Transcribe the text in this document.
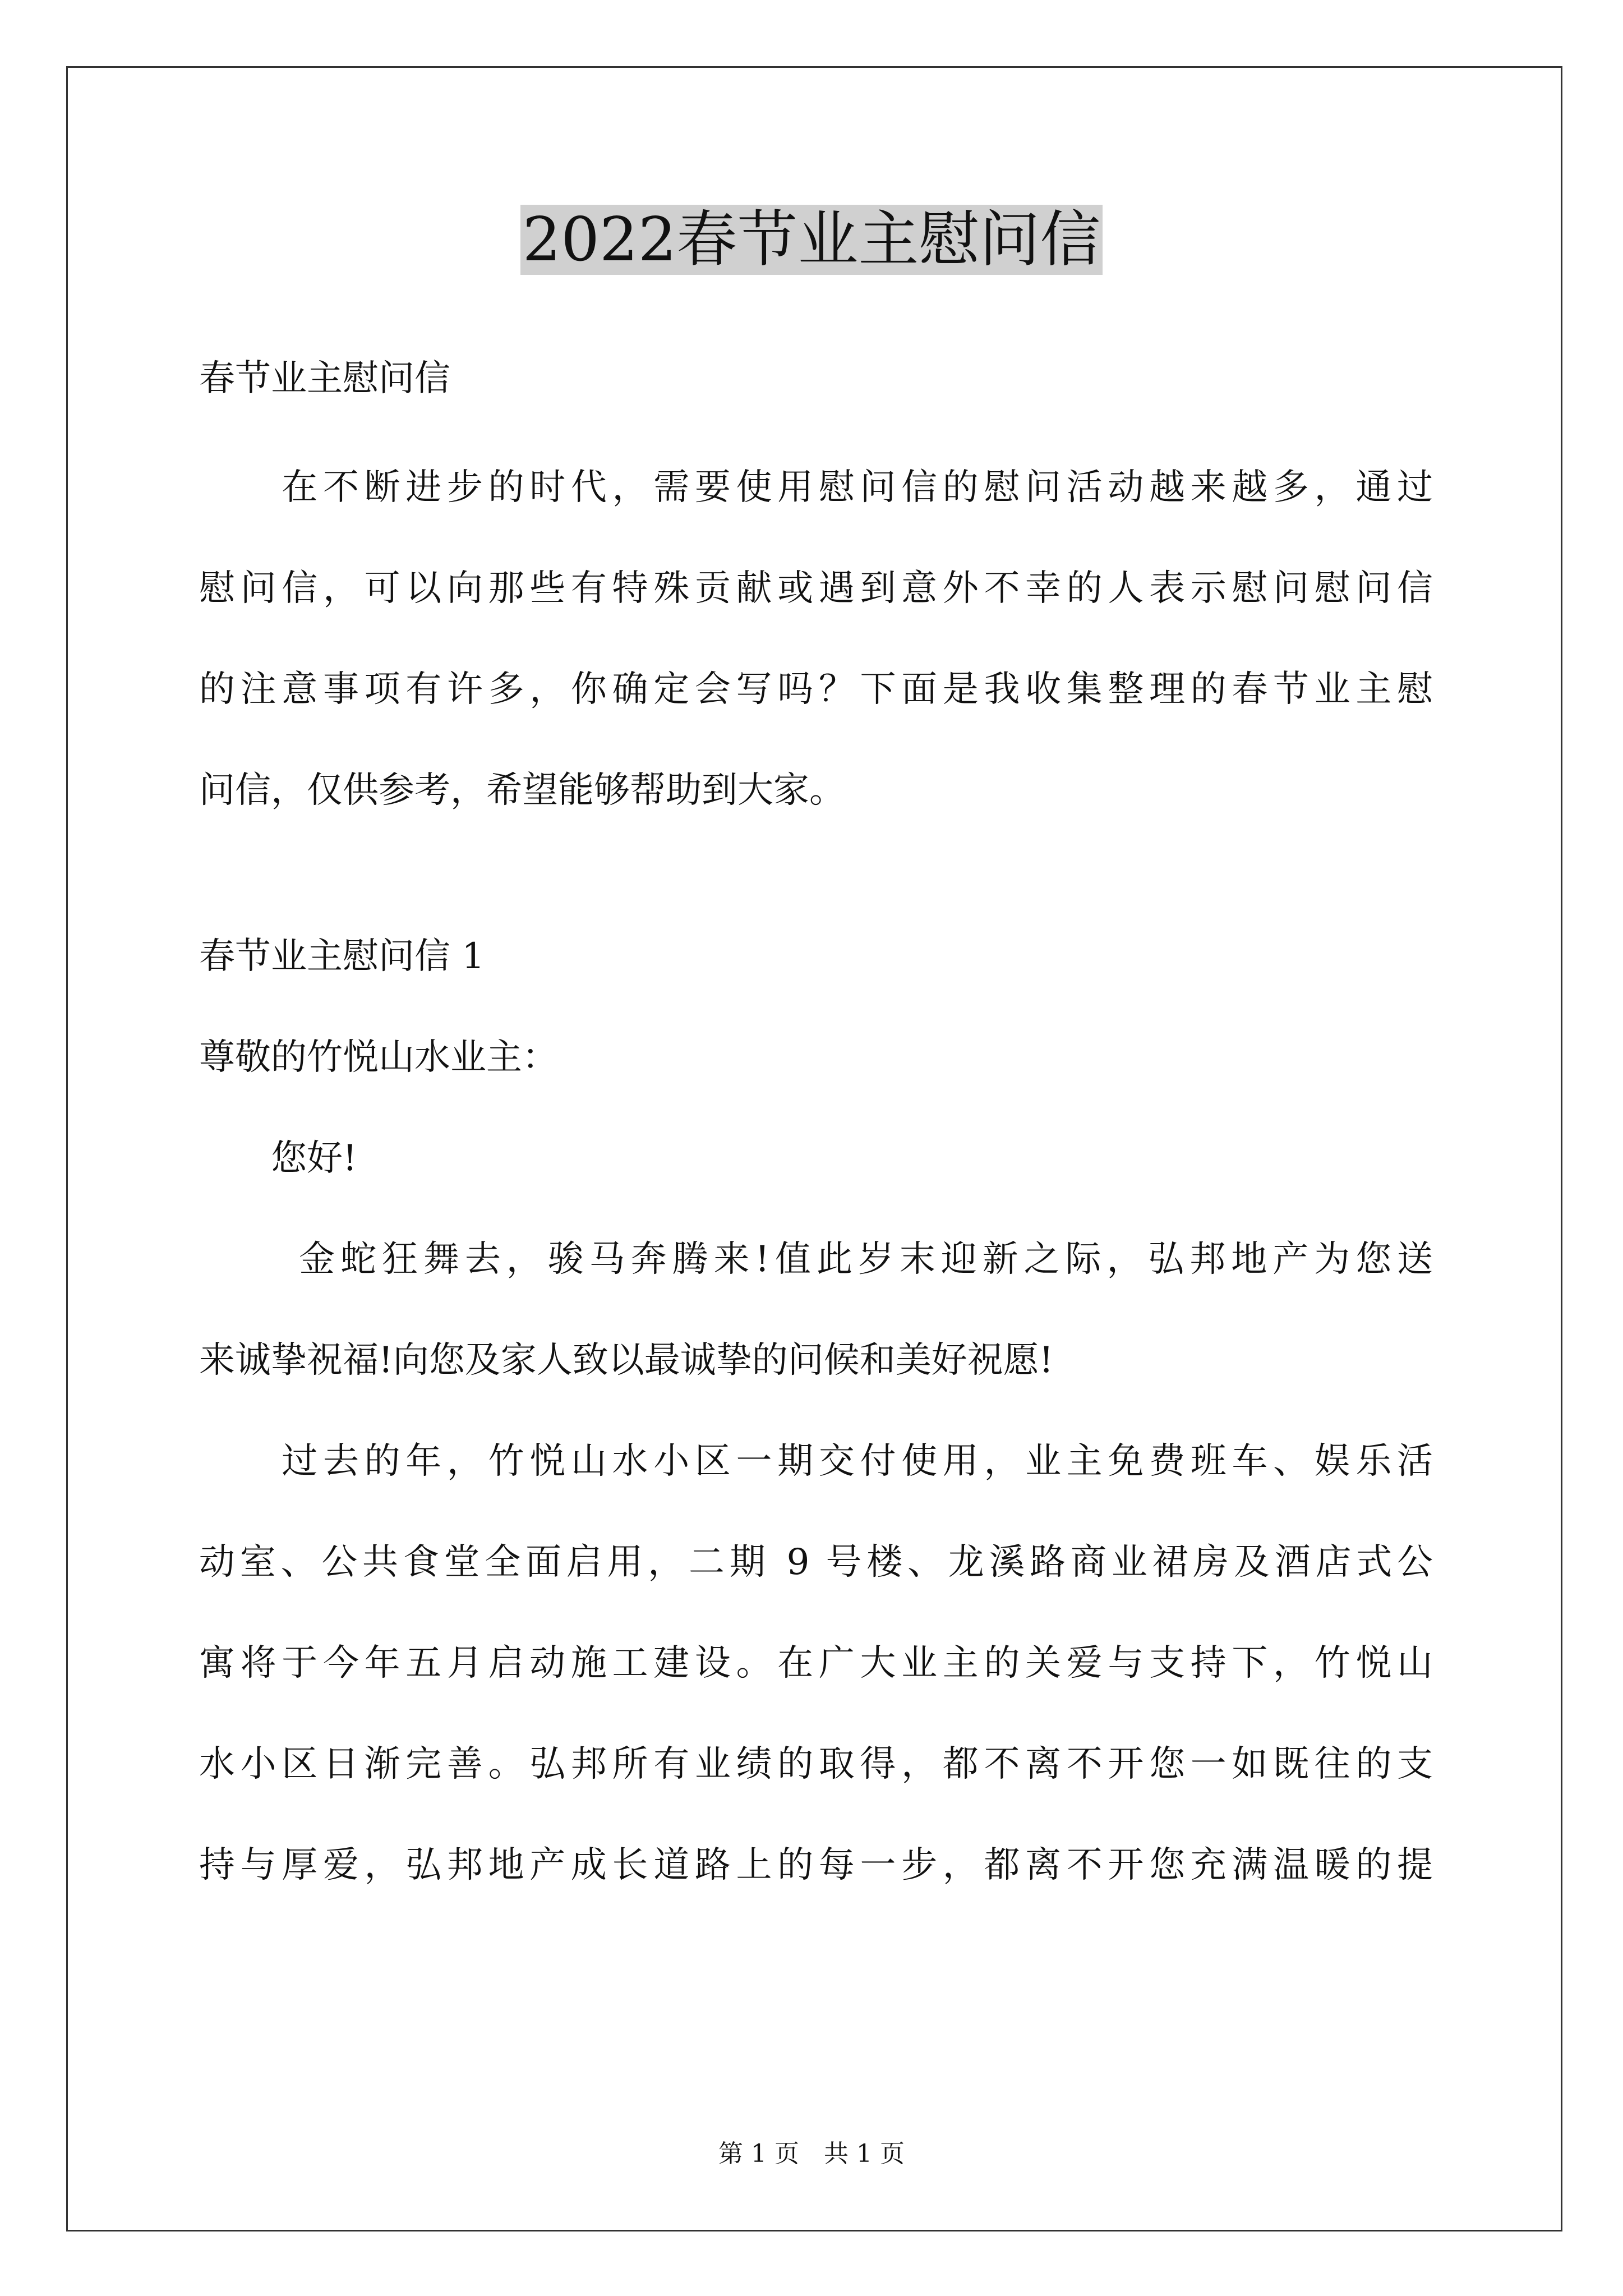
2022春节业主慰问信
春节业主慰问信
　　在不断进步的时代，需要使用慰问信的慰问活动越来越多，通过
慰问信，可以向那些有特殊贡献或遇到意外不幸的人表示慰问慰问信
的注意事项有许多，你确定会写吗？下面是我收集整理的春节业主慰
问信，仅供参考，希望能够帮助到大家。
春节业主慰问信 1
尊敬的竹悦山水业主：
　　您好!
　　 金蛇狂舞去，骏马奔腾来!值此岁末迎新之际，弘邦地产为您送
来诚挚祝福!向您及家人致以最诚挚的问候和美好祝愿!
　　过去的年，竹悦山水小区一期交付使用，业主免费班车、娱乐活
动室、公共食堂全面启用，二期 9 号楼、龙溪路商业裙房及酒店式公
寓将于今年五月启动施工建设。在广大业主的关爱与支持下，竹悦山
水小区日渐完善。弘邦所有业绩的取得，都不离不开您一如既往的支
持与厚爱，弘邦地产成长道路上的每一步，都离不开您充满温暖的提
第 1 页　共 1 页
